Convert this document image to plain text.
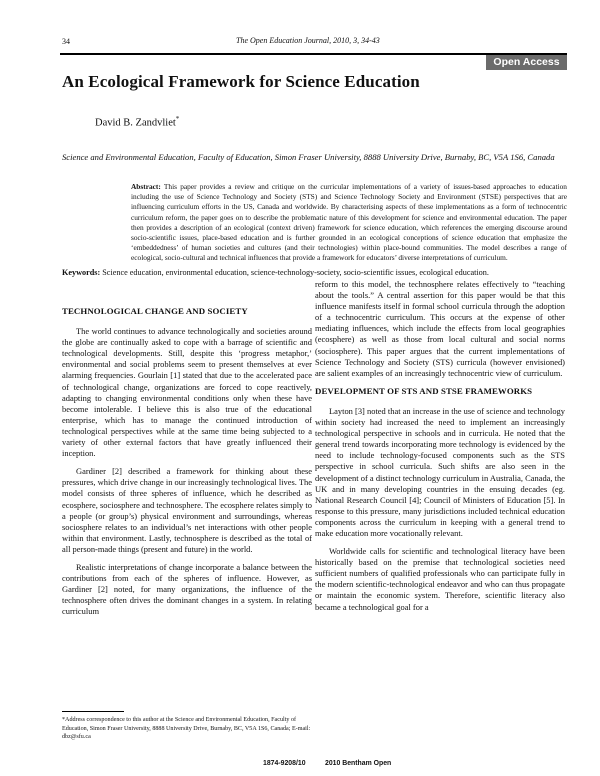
34	The Open Education Journal, 2010, 3, 34-43
Open Access
An Ecological Framework for Science Education
David B. Zandvliet*
Science and Environmental Education, Faculty of Education, Simon Fraser University, 8888 University Drive, Burnaby, BC, V5A 1S6, Canada
Abstract: This paper provides a review and critique on the curricular implementations of a variety of issues-based approaches to education including the use of Science Technology and Society (STS) and Science Technology Society and Environment (STSE) perspectives that are influencing curriculum efforts in the US, Canada and worldwide. By characterising aspects of these implementations as a form of technocentric curriculum reform, the paper goes on to describe the problematic nature of this development for science and environmental education. The paper then provides a description of an ecological (context driven) framework for science education, which references the emerging discourse around socio-scientific issues, place-based education and is further grounded in an ecological conceptions of science education that emphasize the ‘embeddedness’ of human societies and cultures (and their technologies) within place-bound communities. The model describes a range of ecological, socio-cultural and technical influences that provide a framework for educators’ diverse interpretations of curriculum.
Keywords: Science education, environmental education, science-technology-society, socio-scientific issues, ecological education.
TECHNOLOGICAL CHANGE AND SOCIETY

The world continues to advance technologically and societies around the globe are continually asked to cope with a barrage of scientific and technological developments. Still, despite this ‘progress metaphor,’ environmental and social problems seem to present themselves at ever alarming frequencies. Gourlain [1] stated that due to the accelerated pace of technological change, organizations are forced to cope reactively, adapting to changing environmental conditions only when these have become intolerable. I believe this is also true of the educational enterprise, which has to manage the continued introduction of technological perspectives while at the same time being subjected to a variety of other external factors that have greatly influenced their inception.

Gardiner [2] described a framework for thinking about these pressures, which drive change in our increasingly technological lives. The model consists of three spheres of influence, which he described as ecosphere, sociosphere and technosphere. The ecosphere relates simply to a people (or group’s) physical environment and surroundings, whereas sociosphere relates to an individual’s net interactions with other people within that environment. Lastly, technosphere is described as the total of all person-made things (present and future) in the world.

Realistic interpretations of change incorporate a balance between the contributions from each of the spheres of influence. However, as Gardiner [2] noted, for many organizations, the influence of the technosphere often drives the dominant changes in a system. In relating curriculum

reform to this model, the technosphere relates effectively to “teaching about the tools.” A central assertion for this paper would be that this influence manifests itself in formal school curricula through the adoption of a technocentric curriculum. This occurs at the expense of other mediating influences, which include the effects from local geographies (ecosphere) as well as those from local cultural and social norms (sociosphere). This paper argues that the current implementations of Science Technology and Society (STS) curricula (however envisioned) are salient examples of an increasingly technocentric view of curriculum.

DEVELOPMENT OF STS AND STSE FRAMEWORKS

Layton [3] noted that an increase in the use of science and technology within society had increased the need to implement an increasingly technological perspective in schools and in curricula. He noted that the general trend towards incorporating more technology is evidenced by the need to include technology-focused components such as the STS perspective in school curricula. Such shifts are also seen in the development of a distinct technology curriculum in Australia, Canada, the UK and in many developing countries in the ensuing decades (eg. National Research Council [4]; Council of Ministers of Education [5]. In response to this pressure, many jurisdictions included technical education components across the curriculum in keeping with a general trend to make education more vocationally relevant.

Worldwide calls for scientific and technological literacy have been historically based on the premise that technological societies need sufficient numbers of qualified professionals who can participate fully in the modern scientific-technological endeavor and who can thus propagate or maintain the economic system. Therefore, scientific literacy also became a technological goal for a

*Address correspondence to this author at the Science and Environmental Education, Faculty of Education, Simon Fraser University, 8888 University Drive, Burnaby, BC, V5A 1S6, Canada; E-mail: dbz@sfu.ca
1874-9208/10	2010 Bentham Open
